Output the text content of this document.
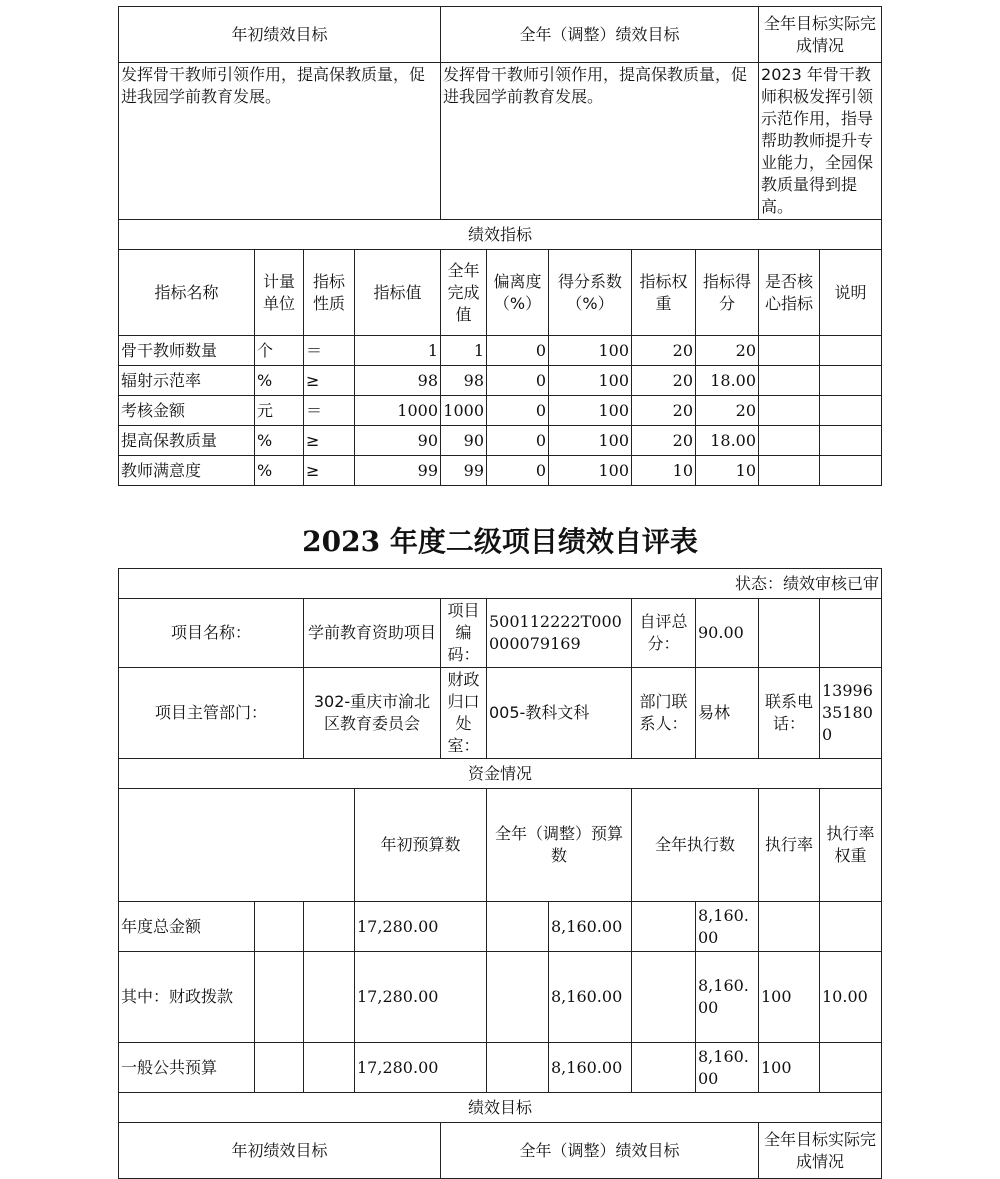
年初绩效目标				全年（调整）绩效目标					全年目标实际完成情况	
发挥骨干教师引领作用，提高保教质量，促进我园学前教育发展。				发挥骨干教师引领作用，提高保教质量，促进我园学前教育发展。					2023 年骨干教师积极发挥引领示范作用，指导帮助教师提升专业能力，全园保教质量得到提高。	
绩效指标										
指标名称	计量单位	指标性质	指标值	全年完成值	偏离度（%）	得分系数（%）	指标权重	指标得分	是否核心指标	说明
骨干教师数量	个	＝	1	1	0	100	20	20		
辐射示范率	%	≥	98	98	0	100	20	18.00		
考核金额	元	＝	1000	1000	0	100	20	20		
提高保教质量	%	≥	90	90	0	100	20	18.00		
教师满意度	%	≥	99	99	0	100	10	10		
2023 年度二级项目绩效自评表
状态：绩效审核已审											
项目名称：		学前教育资助项目		项目编码：	500112222T000000079169		自评总分：	90.00			
项目主管部门：		302-重庆市渝北区教育委员会		财政归口处室：	005-教科文科		部门联系人：	易林	联系电话：	13996351800	
资金情况											
			年初预算数		全年（调整）预算数		全年执行数		执行率	执行率权重	
年度总金额			17,280.00			8,160.00		8,160.00			
其中：财政拨款			17,280.00			8,160.00		8,160.00	100	10.00	
一般公共预算			17,280.00			8,160.00		8,160.00	100		
绩效目标											
年初绩效目标				全年（调整）绩效目标					全年目标实际完成情况		
